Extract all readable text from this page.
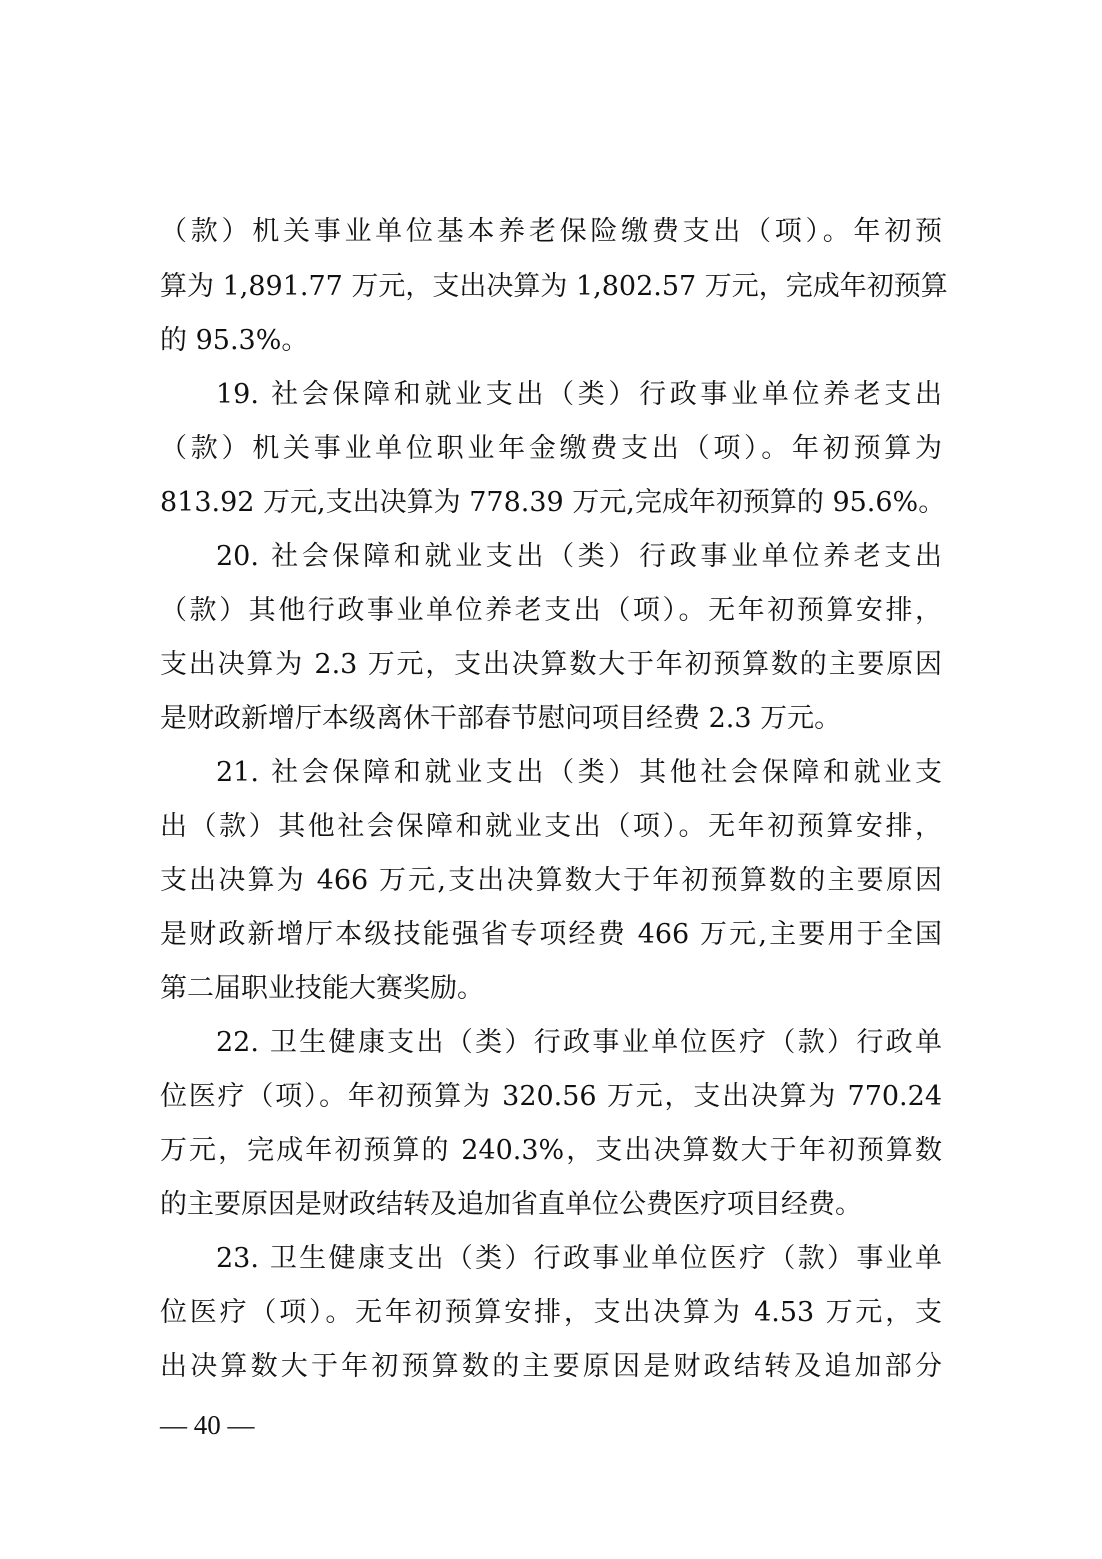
（款）机关事业单位基本养老保险缴费支出（项）。年初预
算为 1,891.77 万元，支出决算为 1,802.57 万元，完成年初预算
的 95.3%。
19. 社会保障和就业支出（类）行政事业单位养老支出
（款）机关事业单位职业年金缴费支出（项）。年初预算为
813.92 万元,支出决算为 778.39 万元,完成年初预算的 95.6%。
20. 社会保障和就业支出（类）行政事业单位养老支出
（款）其他行政事业单位养老支出（项）。无年初预算安排，
支出决算为 2.3 万元，支出决算数大于年初预算数的主要原因
是财政新增厅本级离休干部春节慰问项目经费 2.3 万元。
21. 社会保障和就业支出（类）其他社会保障和就业支
出（款）其他社会保障和就业支出（项）。无年初预算安排，
支出决算为 466 万元,支出决算数大于年初预算数的主要原因
是财政新增厅本级技能强省专项经费 466 万元,主要用于全国
第二届职业技能大赛奖励。
22. 卫生健康支出（类）行政事业单位医疗（款）行政单
位医疗（项）。年初预算为 320.56 万元，支出决算为 770.24
万元，完成年初预算的 240.3%，支出决算数大于年初预算数
的主要原因是财政结转及追加省直单位公费医疗项目经费。
23. 卫生健康支出（类）行政事业单位医疗（款）事业单
位医疗（项）。无年初预算安排，支出决算为 4.53 万元，支
出决算数大于年初预算数的主要原因是财政结转及追加部分
— 40 —
